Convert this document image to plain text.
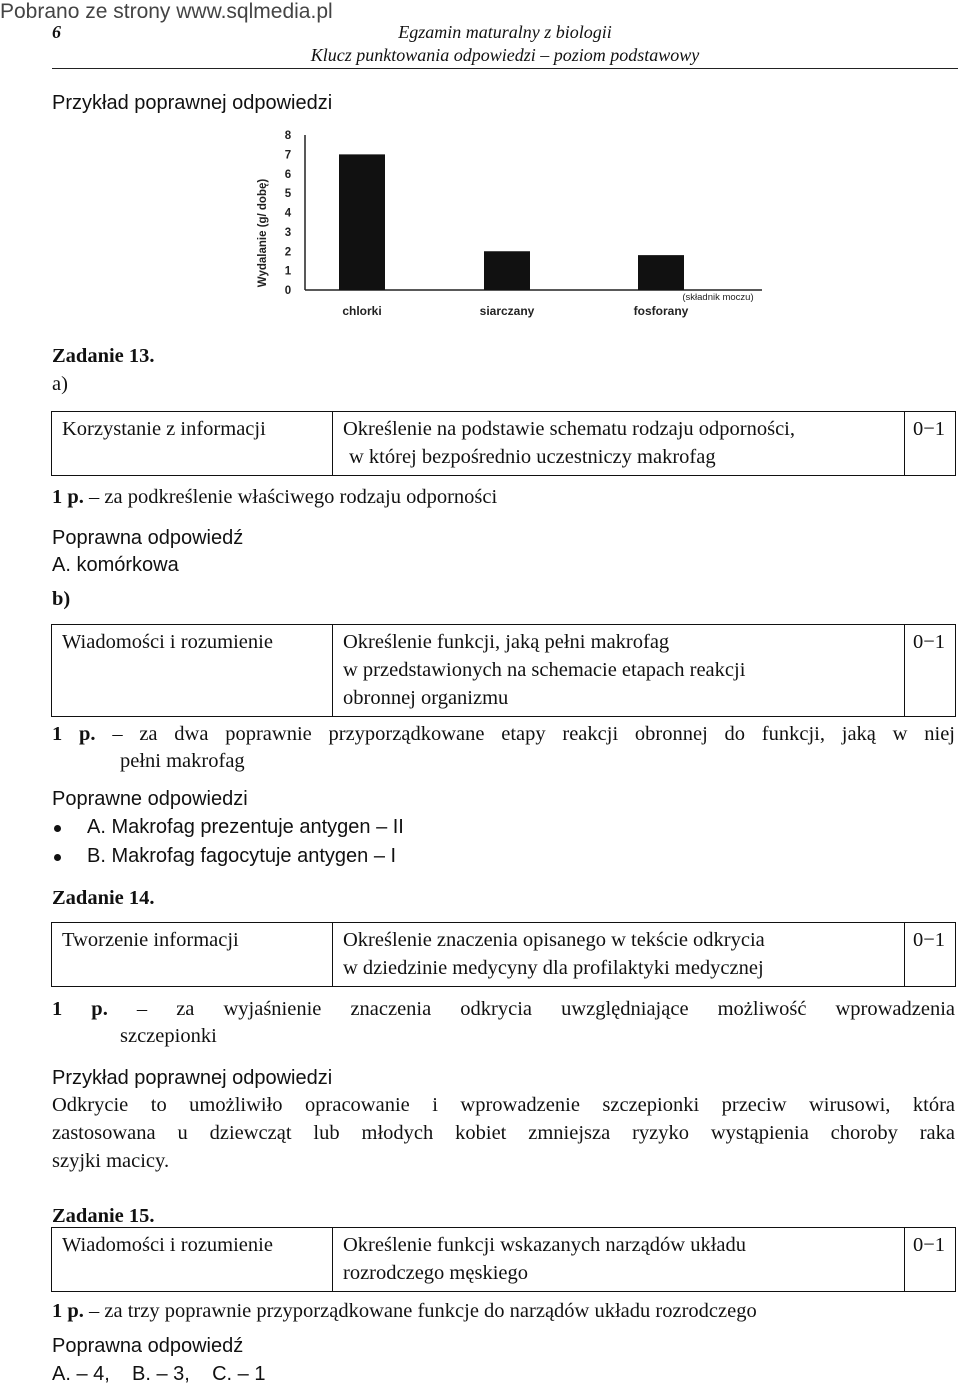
Pobrano ze strony www.sqlmedia.pl
6	Egzamin maturalny z biologii
Klucz punktowania odpowiedzi – poziom podstawowy
Przykład poprawnej odpowiedzi
Wydalanie (g/ dobę)
0
1
2
3
4
5
6
7
8
chlorki	siarczany	fosforany
(składnik moczu)
Zadanie 13.
a)
Korzystanie z informacji	Określenie na podstawie schematu rodzaju odporności,
w której bezpośrednio uczestniczy makrofag
	0−1
1 p. – za podkreślenie właściwego rodzaju odporności
Poprawna odpowiedź
A. komórkowa
b)
Wiadomości i rozumienie	Określenie funkcji, jaką pełni makrofag
w przedstawionych na schemacie etapach reakcji
obronnej organizmu
	0−1
1 p. – za dwa poprawnie przyporządkowane etapy reakcji obronnej do funkcji, jaką w niej
pełni makrofag
Poprawne odpowiedzi
A. Makrofag prezentuje antygen – II
B. Makrofag fagocytuje antygen – I
Zadanie 14.
Tworzenie informacji	Określenie znaczenia opisanego w tekście odkrycia
w dziedzinie medycyny dla profilaktyki medycznej
	0−1
1 p. – za wyjaśnienie znaczenia odkrycia uwzględniające możliwość wprowadzenia
szczepionki
Przykład poprawnej odpowiedzi
Odkrycie to umożliwiło opracowanie i wprowadzenie szczepionki przeciw wirusowi, która
zastosowana u dziewcząt lub młodych kobiet zmniejsza ryzyko wystąpienia choroby raka
szyjki macicy.
Zadanie 15.
Wiadomości i rozumienie	Określenie funkcji wskazanych narządów układu
rozrodczego męskiego
	0−1
1 p. – za trzy poprawnie przyporządkowane funkcje do narządów układu rozrodczego
Poprawna odpowiedź
A. – 4,    B. – 3,    C. – 1
